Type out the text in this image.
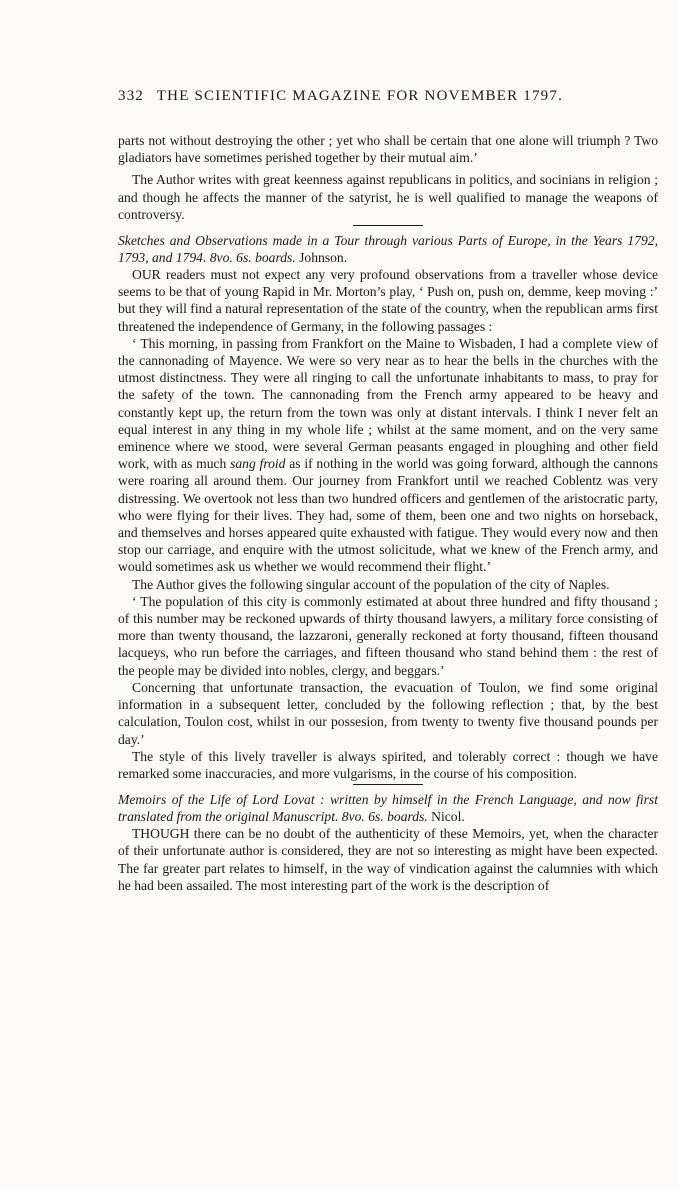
332 THE SCIENTIFIC MAGAZINE FOR NOVEMBER 1797.

parts not without destroying the other ; yet who shall be certain that one alone will triumph ? Two gladiators have sometimes perished together by their mutual aim.’

The Author writes with great keenness against republicans in politics, and socinians in religion ; and though he affects the manner of the satyrist, he is well qualified to manage the weapons of controversy.

Sketches and Observations made in a Tour through various Parts of Europe, in the Years 1792, 1793, and 1794. 8vo. 6s. boards. Johnson.

OUR readers must not expect any very profound observations from a traveller whose device seems to be that of young Rapid in Mr. Morton’s play, ‘ Push on, push on, demme, keep moving :’ but they will find a natural representation of the state of the country, when the republican arms first threatened the independence of Germany, in the following passages :

‘ This morning, in passing from Frankfort on the Maine to Wisbaden, I had a complete view of the cannonading of Mayence. We were so very near as to hear the bells in the churches with the utmost distinctness. They were all ringing to call the unfortunate inhabitants to mass, to pray for the safety of the town. The cannonading from the French army appeared to be heavy and constantly kept up, the return from the town was only at distant intervals. I think I never felt an equal interest in any thing in my whole life ; whilst at the same moment, and on the very same eminence where we stood, were several German peasants engaged in ploughing and other field work, with as much sang froid as if nothing in the world was going forward, although the cannons were roaring all around them. Our journey from Frankfort until we reached Coblentz was very distressing. We overtook not less than two hundred officers and gentlemen of the aristocratic party, who were flying for their lives. They had, some of them, been one and two nights on horseback, and themselves and horses appeared quite exhausted with fatigue. They would every now and then stop our carriage, and enquire with the utmost solicitude, what we knew of the French army, and would sometimes ask us whether we would recommend their flight.’

The Author gives the following singular account of the population of the city of Naples.

‘ The population of this city is commonly estimated at about three hundred and fifty thousand ; of this number may be reckoned upwards of thirty thousand lawyers, a military force consisting of more than twenty thousand, the lazzaroni, generally reckoned at forty thousand, fifteen thousand lacqueys, who run before the carriages, and fifteen thousand who stand behind them : the rest of the people may be divided into nobles, clergy, and beggars.’

Concerning that unfortunate transaction, the evacuation of Toulon, we find some original information in a subsequent letter, concluded by the following reflection ; that, by the best calculation, Toulon cost, whilst in our possesion, from twenty to twenty five thousand pounds per day.’

The style of this lively traveller is always spirited, and tolerably correct : though we have remarked some inaccuracies, and more vulgarisms, in the course of his composition.

Memoirs of the Life of Lord Lovat : written by himself in the French Language, and now first translated from the original Manuscript. 8vo. 6s. boards. Nicol.

THOUGH there can be no doubt of the authenticity of these Memoirs, yet, when the character of their unfortunate author is considered, they are not so interesting as might have been expected. The far greater part relates to himself, in the way of vindication against the calumnies with which he had been assailed. The most interesting part of the work is the description of
